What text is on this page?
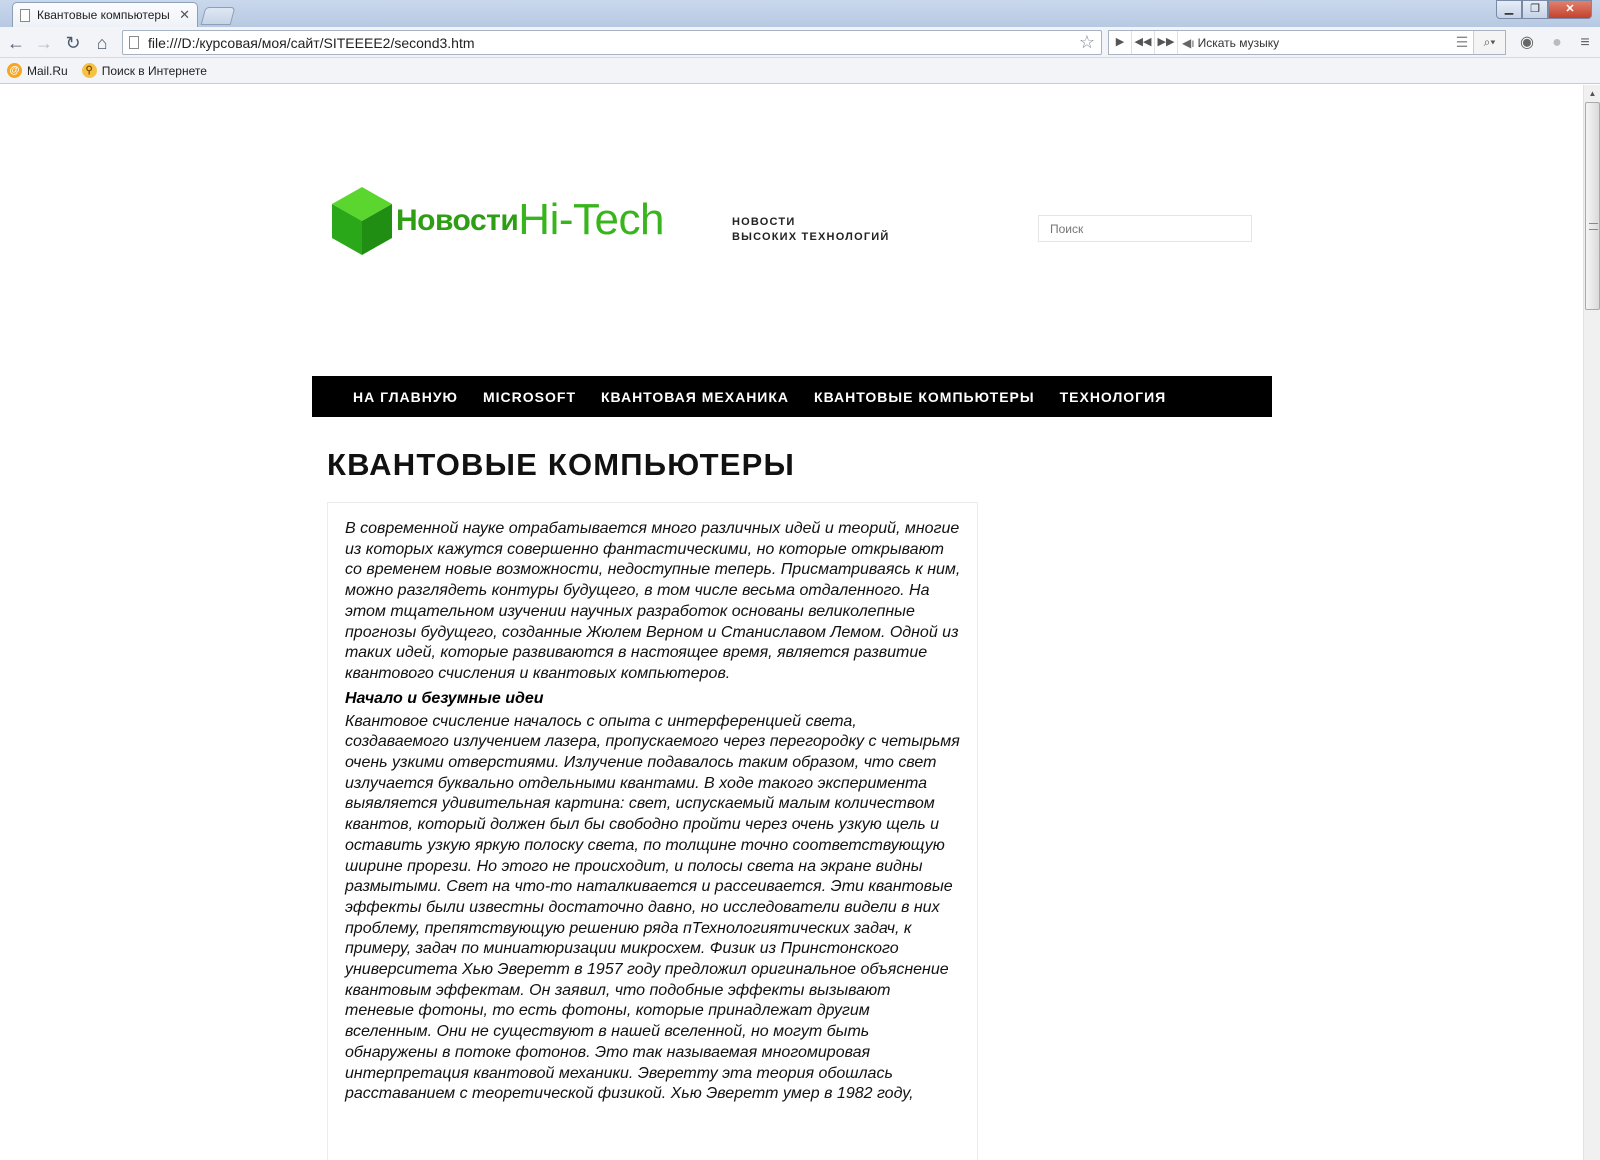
Квантовые компьютеры ✕	▁	❐	✕
← → ↻ ⌂	file:///D:/курсовая/моя/сайт/SITEEEE2/second3.htm	☆	▶ ◀◀ ▶▶ ◀ı Искать музыку	☰	⌕▾	◉	●	≡
@ Mail.Ru	⚲ Поиск в Интернете
Новости Hi-Tech	НОВОСТИ
ВЫСОКИХ ТЕХНОЛОГИЙ
Поиск
НА ГЛАВНУЮ MICROSOFT КВАНТОВАЯ МЕХАНИКА КВАНТОВЫЕ КОМПЬЮТЕРЫ ТЕХНОЛОГИЯ
КВАНТОВЫЕ КОМПЬЮТЕРЫ

В современной науке отрабатывается много различных идей и теорий, многие из которых кажутся совершенно фантастическими, но которые открывают со временем новые возможности, недоступные теперь. Присматриваясь к ним, можно разглядеть контуры будущего, в том числе весьма отдаленного. На этом тщательном изучении научных разработок основаны великолепные прогнозы будущего, созданные Жюлем Верном и Станиславом Лемом. Одной из таких идей, которые развиваются в настоящее время, является развитие квантового счисления и квантовых компьютеров.

Начало и безумные идеи

Квантовое счисление началось с опыта с интерференцией света, создаваемого излучением лазера, пропускаемого через перегородку с четырьмя очень узкими отверстиями. Излучение подавалось таким образом, что свет излучается буквально отдельными квантами. В ходе такого эксперимента выявляется удивительная картина: свет, испускаемый малым количеством квантов, который должен был бы свободно пройти через очень узкую щель и оставить узкую яркую полоску света, по толщине точно соответствующую ширине прорези. Но этого не происходит, и полосы света на экране видны размытыми. Свет на что-то наталкивается и рассеивается. Эти квантовые эффекты были известны достаточно давно, но исследователи видели в них проблему, препятствующую решению ряда пТехнологиятических задач, к примеру, задач по миниатюризации микросхем. Физик из Принстонского университета Хью Эверетт в 1957 году предложил оригинальное объяснение квантовым эффектам. Он заявил, что подобные эффекты вызывают теневые фотоны, то есть фотоны, которые принадлежат другим вселенным. Они не существуют в нашей вселенной, но могут быть обнаружены в потоке фотонов. Это так называемая многомировая интерпретация квантовой механики. Эверетту эта теория обошлась расставанием с теоретической физикой. Хью Эверетт умер в 1982 году,

▲
